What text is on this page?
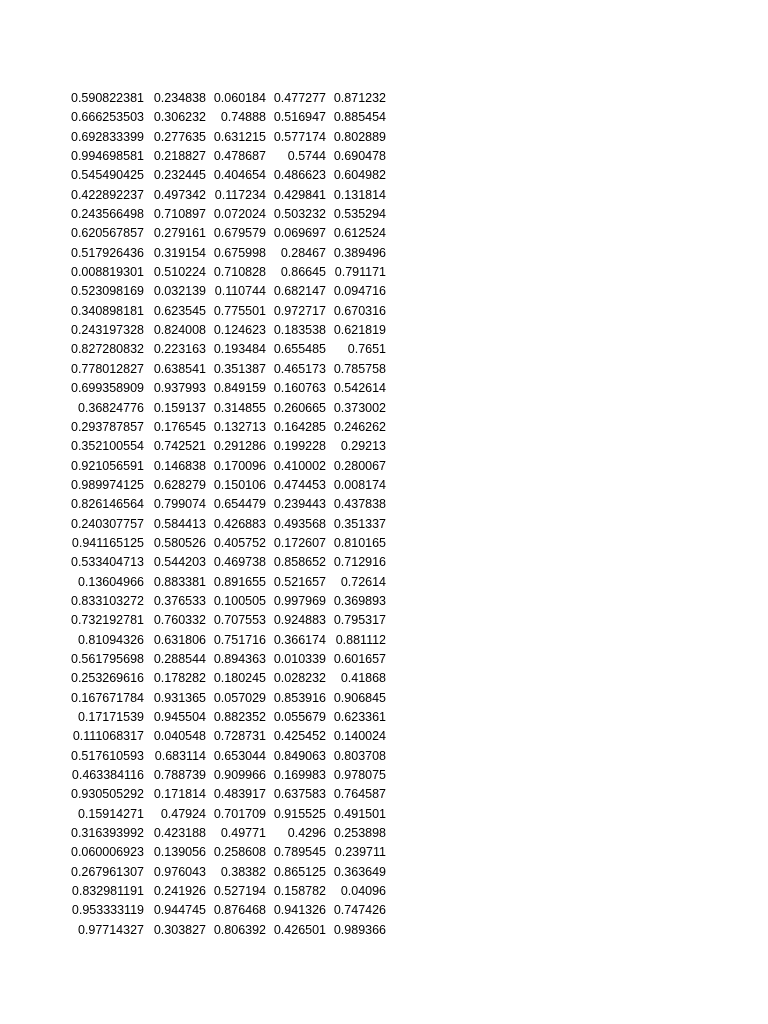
0.590822381	0.234838	0.060184	0.477277	0.871232
0.666253503	0.306232	0.74888	0.516947	0.885454
0.692833399	0.277635	0.631215	0.577174	0.802889
0.994698581	0.218827	0.478687	0.5744	0.690478
0.545490425	0.232445	0.404654	0.486623	0.604982
0.422892237	0.497342	0.117234	0.429841	0.131814
0.243566498	0.710897	0.072024	0.503232	0.535294
0.620567857	0.279161	0.679579	0.069697	0.612524
0.517926436	0.319154	0.675998	0.28467	0.389496
0.008819301	0.510224	0.710828	0.86645	0.791171
0.523098169	0.032139	0.110744	0.682147	0.094716
0.340898181	0.623545	0.775501	0.972717	0.670316
0.243197328	0.824008	0.124623	0.183538	0.621819
0.827280832	0.223163	0.193484	0.655485	0.7651
0.778012827	0.638541	0.351387	0.465173	0.785758
0.699358909	0.937993	0.849159	0.160763	0.542614
0.36824776	0.159137	0.314855	0.260665	0.373002
0.293787857	0.176545	0.132713	0.164285	0.246262
0.352100554	0.742521	0.291286	0.199228	0.29213
0.921056591	0.146838	0.170096	0.410002	0.280067
0.989974125	0.628279	0.150106	0.474453	0.008174
0.826146564	0.799074	0.654479	0.239443	0.437838
0.240307757	0.584413	0.426883	0.493568	0.351337
0.941165125	0.580526	0.405752	0.172607	0.810165
0.533404713	0.544203	0.469738	0.858652	0.712916
0.13604966	0.883381	0.891655	0.521657	0.72614
0.833103272	0.376533	0.100505	0.997969	0.369893
0.732192781	0.760332	0.707553	0.924883	0.795317
0.81094326	0.631806	0.751716	0.366174	0.881112
0.561795698	0.288544	0.894363	0.010339	0.601657
0.253269616	0.178282	0.180245	0.028232	0.41868
0.167671784	0.931365	0.057029	0.853916	0.906845
0.17171539	0.945504	0.882352	0.055679	0.623361
0.111068317	0.040548	0.728731	0.425452	0.140024
0.517610593	0.683114	0.653044	0.849063	0.803708
0.463384116	0.788739	0.909966	0.169983	0.978075
0.930505292	0.171814	0.483917	0.637583	0.764587
0.15914271	0.47924	0.701709	0.915525	0.491501
0.316393992	0.423188	0.49771	0.4296	0.253898
0.060006923	0.139056	0.258608	0.789545	0.239711
0.267961307	0.976043	0.38382	0.865125	0.363649
0.832981191	0.241926	0.527194	0.158782	0.04096
0.953333119	0.944745	0.876468	0.941326	0.747426
0.97714327	0.303827	0.806392	0.426501	0.989366
